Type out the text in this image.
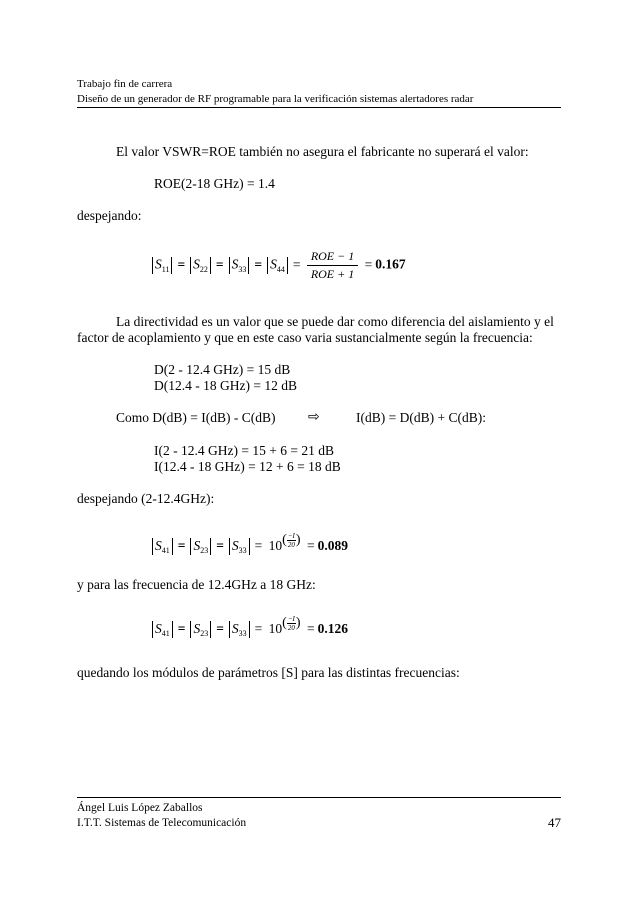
Trabajo fin de carrera
Diseño de un generador de RF programable para la verificación sistemas alertadores radar
El valor VSWR=ROE también no asegura el fabricante no superará el valor:
ROE(2-18 GHz) = 1.4
despejando:
$S_{11} = S_{22} = S_{33} = S_{44} = \frac{\text{ROE − 1}}{\text{ROE + 1}} = 0.167$
La directividad es un valor que se puede dar como diferencia del aislamiento y el
factor de acoplamiento y que en este caso varia sustancialmente según la frecuencia:
D(2 - 12.4 GHz) = 15 dB
D(12.4 - 18 GHz) = 12 dB
Como D(dB) = I(dB) - C(dB) ⇨	I(dB) = D(dB) + C(dB):
I(2 - 12.4 GHz) = 15 + 6 = 21 dB
I(12.4 - 18 GHz) = 12 + 6 = 18 dB
despejando (2-12.4GHz):
$S_{41} = S_{23} = S_{33} = 10( \frac{-I}{20}$ ) = 0.089
y para las frecuencia de 12.4GHz a 18 GHz:
$S_{41} = S_{23} = S_{33} = 10( \frac{-I}{20}$ ) = 0.126
quedando los módulos de parámetros [S] para las distintas frecuencias:
Ángel Luis López Zaballos
I.T.T. Sistemas de Telecomunicación	47
